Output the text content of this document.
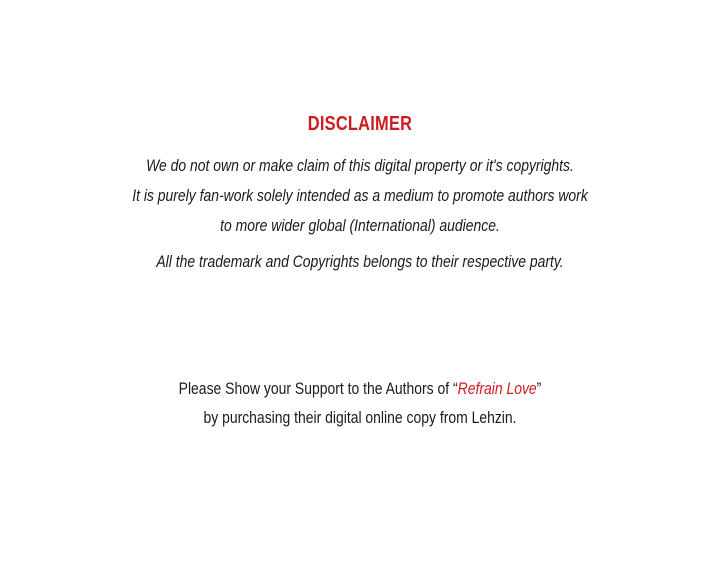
DISCLAIMER

We do not own or make claim of this digital property or it's copyrights.

It is purely fan-work solely intended as a medium to promote authors work

to more wider global (International) audience.

All the trademark and Copyrights belongs to their respective party.

Please Show your Support to the Authors of “Refrain Love”

by purchasing their digital online copy from Lehzin.
